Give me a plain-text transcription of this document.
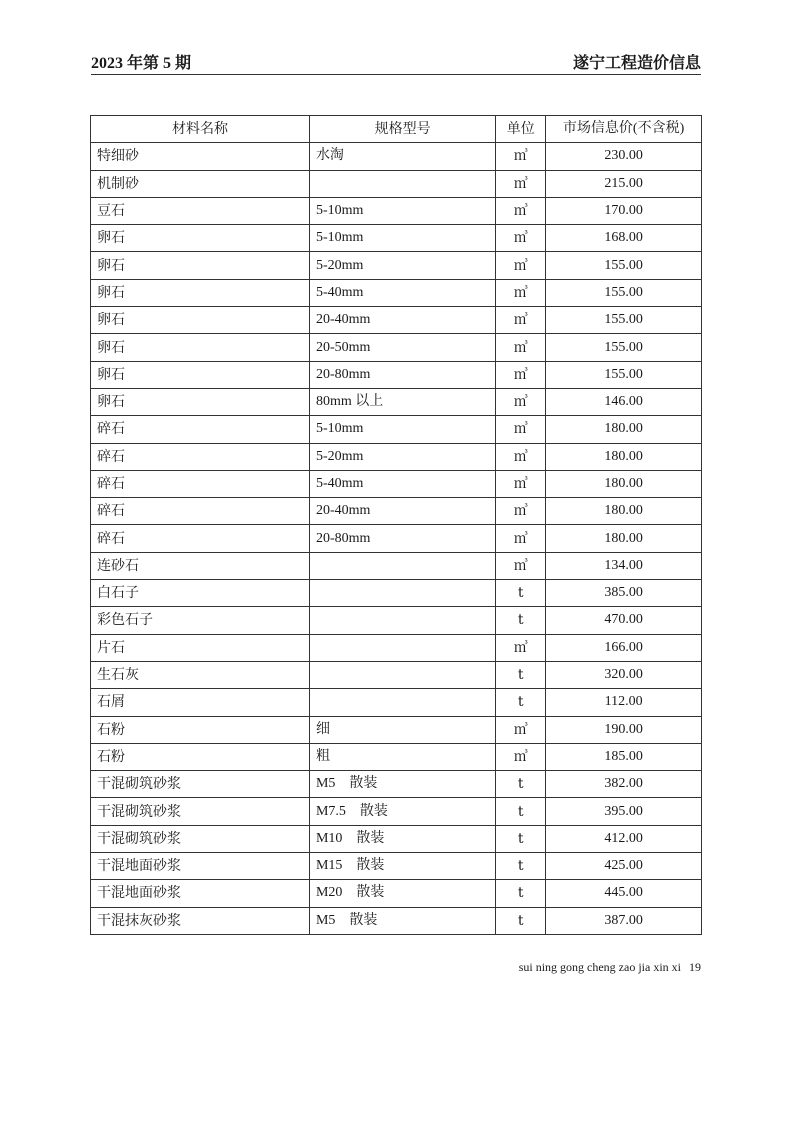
2023 年第 5 期	遂宁工程造价信息
材料名称	规格型号	单位	市场信息价(不含税)
特细砂	水淘	㎥	230.00
机制砂		㎥	215.00
豆石	5-10mm	㎥	170.00
卵石	5-10mm	㎥	168.00
卵石	5-20mm	㎥	155.00
卵石	5-40mm	㎥	155.00
卵石	20-40mm	㎥	155.00
卵石	20-50mm	㎥	155.00
卵石	20-80mm	㎥	155.00
卵石	80mm 以上	㎥	146.00
碎石	5-10mm	㎥	180.00
碎石	5-20mm	㎥	180.00
碎石	5-40mm	㎥	180.00
碎石	20-40mm	㎥	180.00
碎石	20-80mm	㎥	180.00
连砂石		㎥	134.00
白石子		t	385.00
彩色石子		t	470.00
片石		㎥	166.00
生石灰		t	320.00
石屑		t	112.00
石粉	细	㎥	190.00
石粉	粗	㎥	185.00
干混砌筑砂浆	M5　散装	t	382.00
干混砌筑砂浆	M7.5　散装	t	395.00
干混砌筑砂浆	M10　散装	t	412.00
干混地面砂浆	M15　散装	t	425.00
干混地面砂浆	M20　散装	t	445.00
干混抹灰砂浆	M5　散装	t	387.00
sui ning gong cheng zao jia xin xi 19
